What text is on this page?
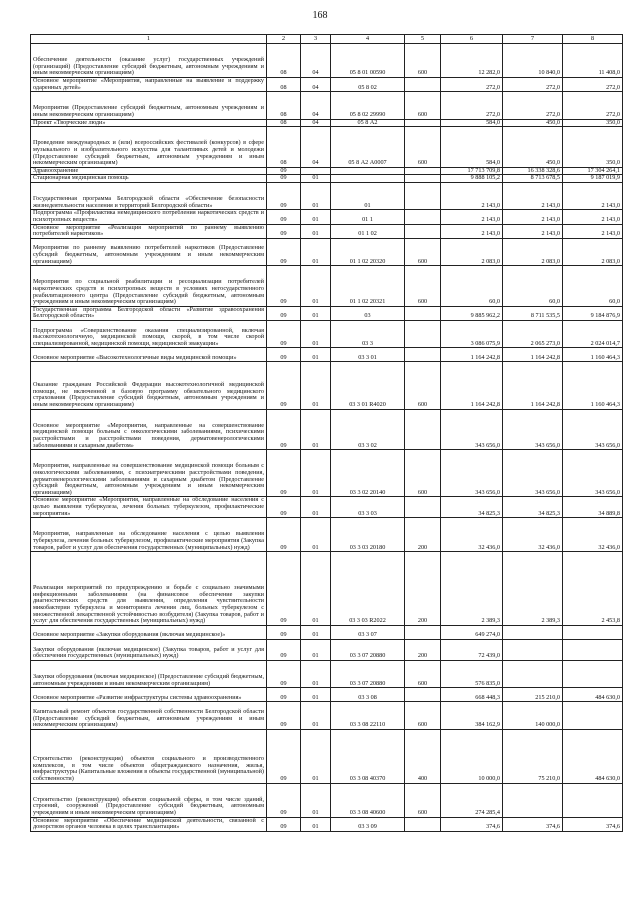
168
1	2	3	4	5	6	7	8
Обеспечение деятельности (оказание услуг) государственных учреждений (организаций) (Предоставление субсидий бюджетным, автономным учреждениям и иным некоммерческим организациям)	08	04	05 8 01 00590	600	12 282,0	10 840,0	11 408,0
Основное мероприятие «Мероприятия, направленные на выявление и поддержку одаренных детей»	08	04	05 8 02		272,0	272,0	272,0
Мероприятия (Предоставление субсидий бюджетным, автономным учреждениям и иным некоммерческим организациям)	08	04	05 8 02 29990	600	272,0	272,0	272,0
Проект «Творческие люди»	08	04	05 8 А2		584,0	450,0	350,0
Проведение международных и (или) всероссийских фестивалей (конкурсов) в сфере музыкального и изобразительного искусства для талантливых детей и молодежи (Предоставление субсидий бюджетным, автономным учреждениям и иным некоммерческим организациям)	08	04	05 8 А2 А0007	600	584,0	450,0	350,0
Здравоохранение	09				17 713 709,8	16 338 328,6	17 304 264,1
Стационарная медицинская помощь	09	01			9 888 105,2	8 713 678,5	9 187 019,9
Государственная программа Белгородской области «Обеспечение безопасности жизнедеятельности населения и территорий Белгородской области»	09	01	01		2 143,0	2 143,0	2 143,0
Подпрограмма «Профилактика немедицинского потребления наркотических средств и психотропных веществ»	09	01	01 1		2 143,0	2 143,0	2 143,0
Основное мероприятие «Реализация мероприятий по раннему выявлению потребителей наркотиков»	09	01	01 1 02		2 143,0	2 143,0	2 143,0
Мероприятия по раннему выявлению потребителей наркотиков (Предоставление субсидий бюджетным, автономным учреждениям и иным некоммерческим организациям)	09	01	01 1 02 20320	600	2 083,0	2 083,0	2 083,0
Мероприятия по социальной реабилитации и ресоциализации потребителей наркотических средств и психотропных веществ в условиях негосударственного реабилитационного центра (Предоставление субсидий бюджетным, автономным учреждениям и иным некоммерческим организациям)	09	01	01 1 02 20321	600	60,0	60,0	60,0
Государственная программа Белгородской области «Развитие здравоохранения Белгородской области»	09	01	03		9 885 962,2	8 711 535,5	9 184 876,9
Подпрограмма «Совершенствование оказания специализированной, включая высокотехнологичную, медицинской помощи, скорой, в том числе скорой специализированной, медицинской помощи, медицинской эвакуации»	09	01	03 3		3 086 075,9	2 065 273,0	2 024 014,7
Основное мероприятие «Высокотехнологичные виды медицинской помощи»	09	01	03 3 01		1 164 242,8	1 164 242,8	1 160 464,3
Оказание гражданам Российской Федерации высокотехнологичной медицинской помощи, не включенной в базовую программу обязательного медицинского страхования (Предоставление субсидий бюджетным, автономным учреждениям и иным некоммерческим организациям)	09	01	03 3 01 R4020	600	1 164 242,8	1 164 242,8	1 160 464,3
Основное мероприятие «Мероприятия, направленные на совершенствование медицинской помощи больным с онкологическими заболеваниями, психическими расстройствами и расстройствами поведения, дерматовенерологическими заболеваниями и сахарным диабетом»	09	01	03 3 02		343 656,0	343 656,0	343 656,0
Мероприятия, направленные на совершенствование медицинской помощи больным с онкологическими заболеваниями, с психиатрическими расстройствами поведения, дерматовенерологическими заболеваниями и сахарным диабетом (Предоставление субсидий бюджетным, автономным учреждениям и иным некоммерческим организациям)	09	01	03 3 02 20140	600	343 656,0	343 656,0	343 656,0
Основное мероприятие «Мероприятия, направленные на обследование населения с целью выявления туберкулеза, лечения больных туберкулезом, профилактические мероприятия»	09	01	03 3 03		34 825,3	34 825,3	34 889,8
Мероприятия, направленные на обследование населения с целью выявления туберкулеза, лечения больных туберкулезом, профилактические мероприятия (Закупка товаров, работ и услуг для обеспечения государственных (муниципальных) нужд)	09	01	03 3 03 20180	200	32 436,0	32 436,0	32 436,0
Реализация мероприятий по предупреждению и борьбе с социально значимыми инфекционными заболеваниями (на финансовое обеспечение закупки диагностических средств для выявления, определения чувствительности микобактерии туберкулеза и мониторинга лечения лиц, больных туберкулезом с множественной лекарственной устойчивостью возбудителя) (Закупка товаров, работ и услуг для обеспечения государственных (муниципальных) нужд)	09	01	03 3 03 R2022	200	2 389,3	2 389,3	2 453,8
Основное мероприятие «Закупки оборудования (включая медицинское)»	09	01	03 3 07		649 274,0		
Закупки оборудования (включая медицинское) (Закупка товаров, работ и услуг для обеспечения государственных (муниципальных) нужд)	09	01	03 3 07 20880	200	72 439,0		
Закупки оборудования (включая медицинское) (Предоставление субсидий бюджетным, автономным учреждениям и иным некоммерческим организациям)	09	01	03 3 07 20880	600	576 835,0		
Основное мероприятие «Развитие инфраструктуры системы здравоохранения»	09	01	03 3 08		668 448,3	215 210,0	484 630,0
Капитальный ремонт объектов государственной собственности Белгородской области (Предоставление субсидий бюджетным, автономным учреждениям и иным некоммерческим организациям)	09	01	03 3 08 22110	600	384 162,9	140 000,0	
Строительство (реконструкция) объектов социального и производственного комплексов, в том числе объектов общегражданского назначения, жилья, инфраструктуры (Капитальные вложения в объекты государственной (муниципальной) собственности)	09	01	03 3 08 40370	400	10 000,0	75 210,0	484 630,0
Строительство (реконструкция) объектов социальной сферы, в том числе зданий, строений, сооружений (Предоставление субсидий бюджетным, автономным учреждениям и иным некоммерческим организациям)	09	01	03 3 08 40600	600	274 285,4		
Основное мероприятие «Обеспечение медицинской деятельности, связанной с донорством органов человека в целях трансплантации»	09	01	03 3 09		374,6	374,6	374,6
